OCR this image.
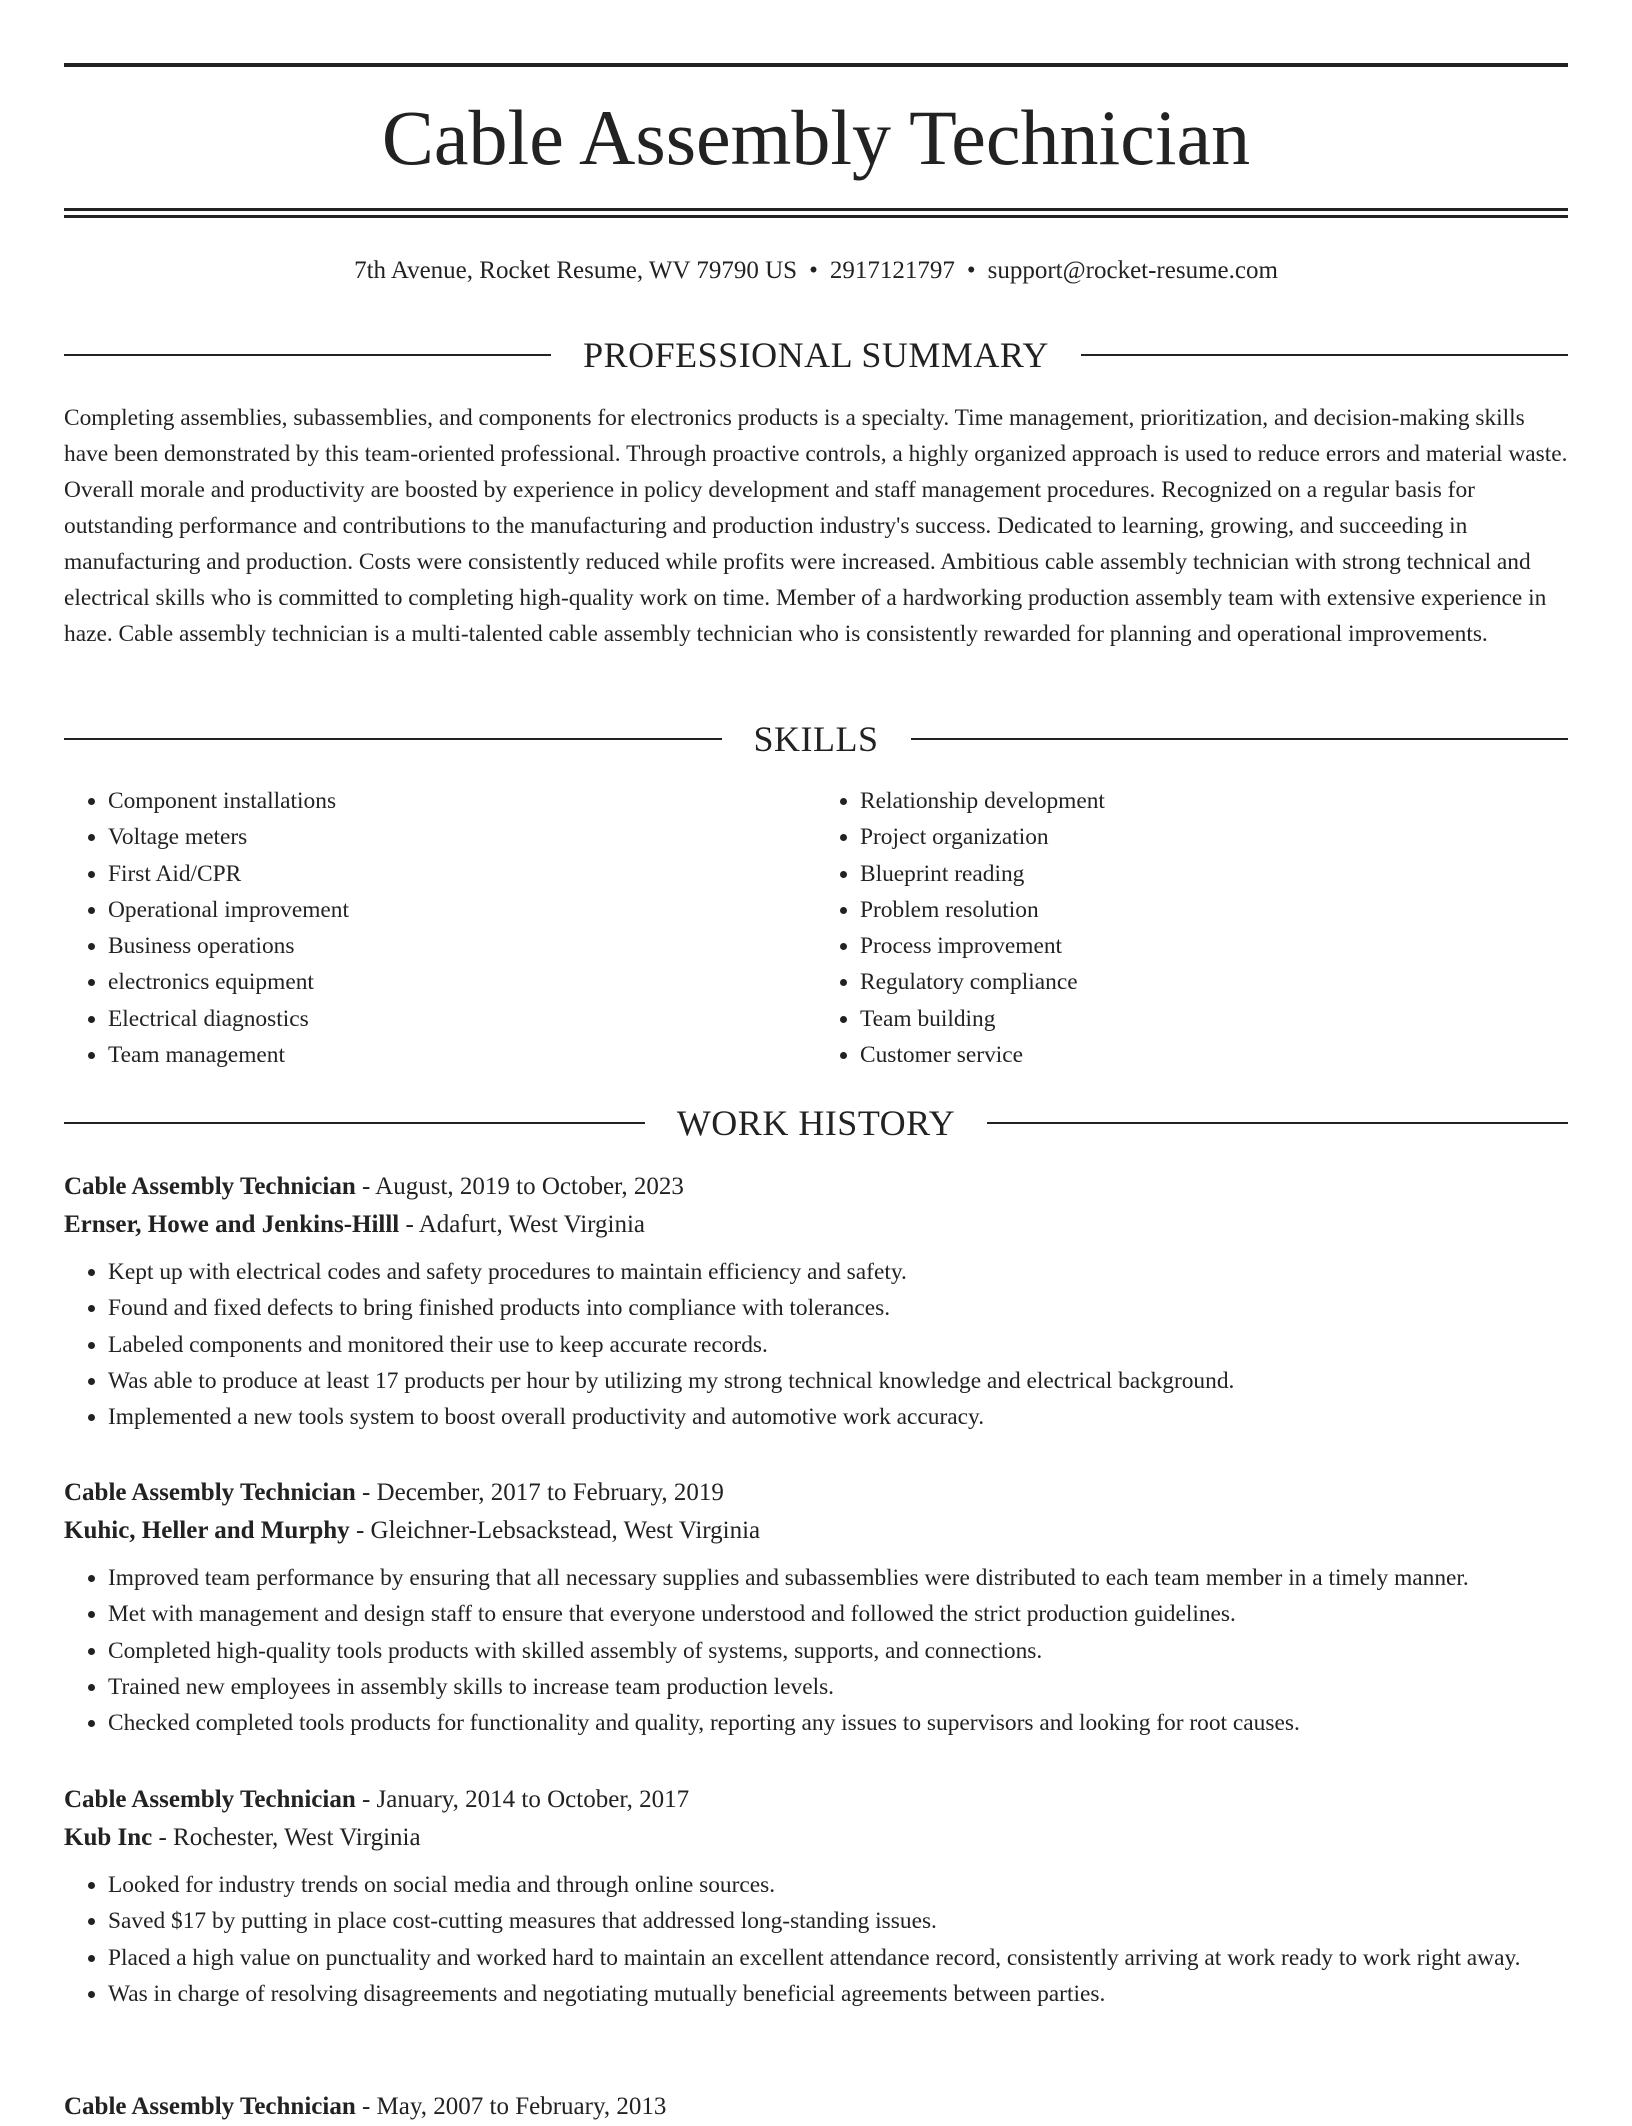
Cable Assembly Technician
7th Avenue, Rocket Resume, WV 79790 US • 2917121797 • support@rocket-resume.com
PROFESSIONAL SUMMARY

Completing assemblies, subassemblies, and components for electronics products is a specialty. Time management, prioritization, and decision-making skills have been demonstrated by this team-oriented professional. Through proactive controls, a highly organized approach is used to reduce errors and material waste. Overall morale and productivity are boosted by experience in policy development and staff management procedures. Recognized on a regular basis for outstanding performance and contributions to the manufacturing and production industry's success. Dedicated to learning, growing, and succeeding in manufacturing and production. Costs were consistently reduced while profits were increased. Ambitious cable assembly technician with strong technical and electrical skills who is committed to completing high-quality work on time. Member of a hardworking production assembly team with extensive experience in haze. Cable assembly technician is a multi-talented cable assembly technician who is consistently rewarded for planning and operational improvements.

SKILLS
• Component installations
• Voltage meters
• First Aid/CPR
• Operational improvement
• Business operations
• electronics equipment
• Electrical diagnostics
• Team management
• Relationship development
• Project organization
• Blueprint reading
• Problem resolution
• Process improvement
• Regulatory compliance
• Team building
• Customer service
WORK HISTORY
Cable Assembly Technician - August, 2019 to October, 2023
Ernser, Howe and Jenkins-Hilll - Adafurt, West Virginia
• Kept up with electrical codes and safety procedures to maintain efficiency and safety.
• Found and fixed defects to bring finished products into compliance with tolerances.
• Labeled components and monitored their use to keep accurate records.
• Was able to produce at least 17 products per hour by utilizing my strong technical knowledge and electrical background.
• Implemented a new tools system to boost overall productivity and automotive work accuracy.
Cable Assembly Technician - December, 2017 to February, 2019
Kuhic, Heller and Murphy - Gleichner-Lebsackstead, West Virginia
• Improved team performance by ensuring that all necessary supplies and subassemblies were distributed to each team member in a timely manner.
• Met with management and design staff to ensure that everyone understood and followed the strict production guidelines.
• Completed high-quality tools products with skilled assembly of systems, supports, and connections.
• Trained new employees in assembly skills to increase team production levels.
• Checked completed tools products for functionality and quality, reporting any issues to supervisors and looking for root causes.
Cable Assembly Technician - January, 2014 to October, 2017
Kub Inc - Rochester, West Virginia
• Looked for industry trends on social media and through online sources.
• Saved $17 by putting in place cost-cutting measures that addressed long-standing issues.
• Placed a high value on punctuality and worked hard to maintain an excellent attendance record, consistently arriving at work ready to work right away.
• Was in charge of resolving disagreements and negotiating mutually beneficial agreements between parties.
Cable Assembly Technician - May, 2007 to February, 2013
